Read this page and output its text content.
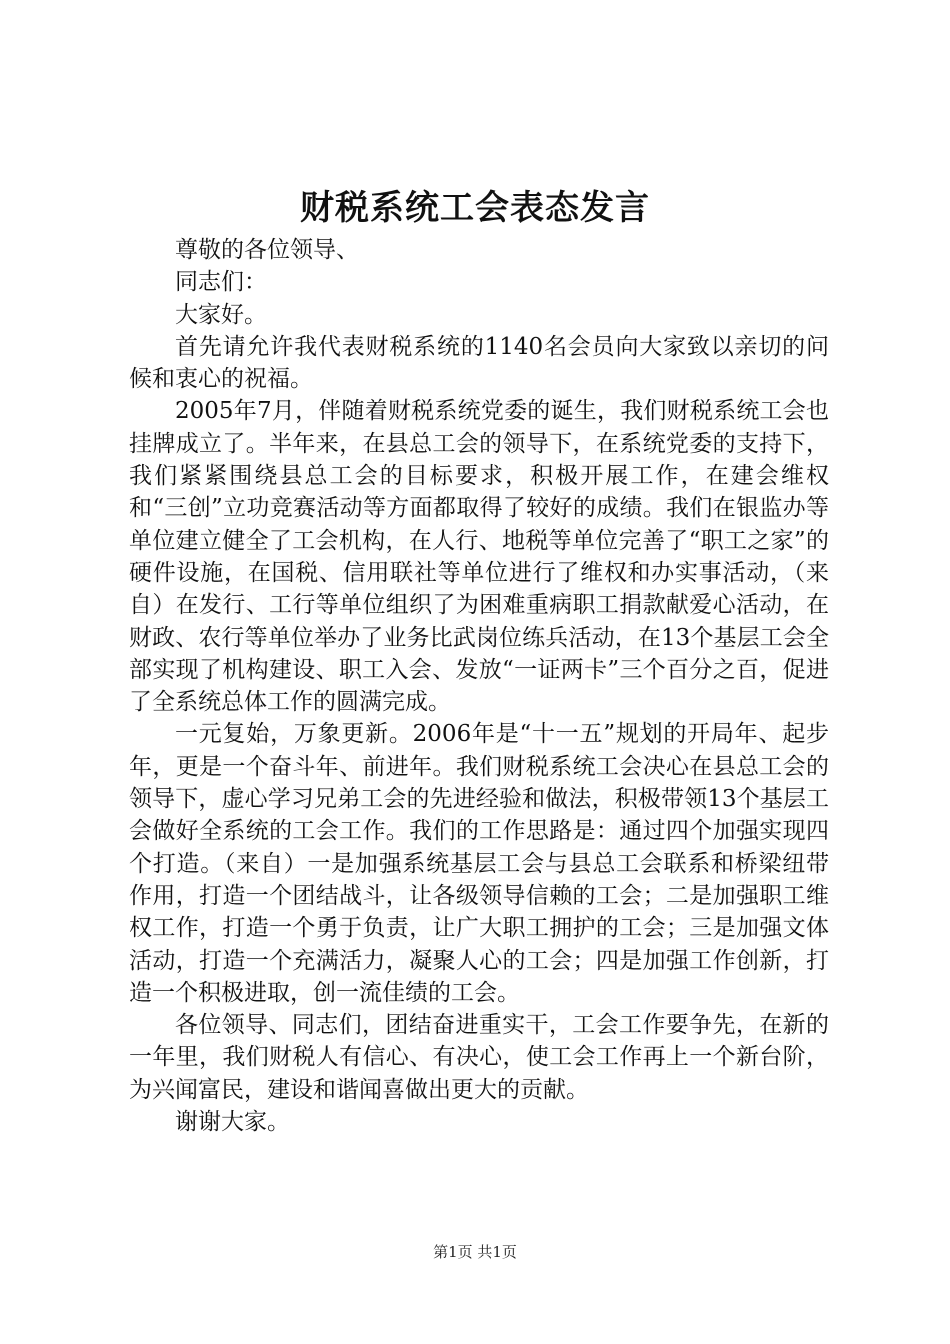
财税系统工会表态发言

尊敬的各位领导、

同志们：

大家好。

首先请允许我代表财税系统的1140名会员向大家致以亲切的问候和衷心的祝福。

2005年7月，伴随着财税系统党委的诞生，我们财税系统工会也挂牌成立了。半年来，在县总工会的领导下，在系统党委的支持下，我们紧紧围绕县总工会的目标要求，积极开展工作，在建会维权和“三创”立功竞赛活动等方面都取得了较好的成绩。我们在银监办等单位建立健全了工会机构，在人行、地税等单位完善了“职工之家”的硬件设施，在国税、信用联社等单位进行了维权和办实事活动，（来自）在发行、工行等单位组织了为困难重病职工捐款献爱心活动，在财政、农行等单位举办了业务比武岗位练兵活动，在13个基层工会全部实现了机构建设、职工入会、发放“一证两卡”三个百分之百，促进了全系统总体工作的圆满完成。

一元复始，万象更新。2006年是“十一五”规划的开局年、起步年，更是一个奋斗年、前进年。我们财税系统工会决心在县总工会的领导下，虚心学习兄弟工会的先进经验和做法，积极带领13个基层工会做好全系统的工会工作。我们的工作思路是：通过四个加强实现四个打造。（来自）一是加强系统基层工会与县总工会联系和桥梁纽带作用，打造一个团结战斗，让各级领导信赖的工会；二是加强职工维权工作，打造一个勇于负责，让广大职工拥护的工会；三是加强文体活动，打造一个充满活力，凝聚人心的工会；四是加强工作创新，打造一个积极进取，创一流佳绩的工会。

各位领导、同志们，团结奋进重实干，工会工作要争先，在新的一年里，我们财税人有信心、有决心，使工会工作再上一个新台阶，为兴闻富民，建设和谐闻喜做出更大的贡献。

谢谢大家。

第1页 共1页
